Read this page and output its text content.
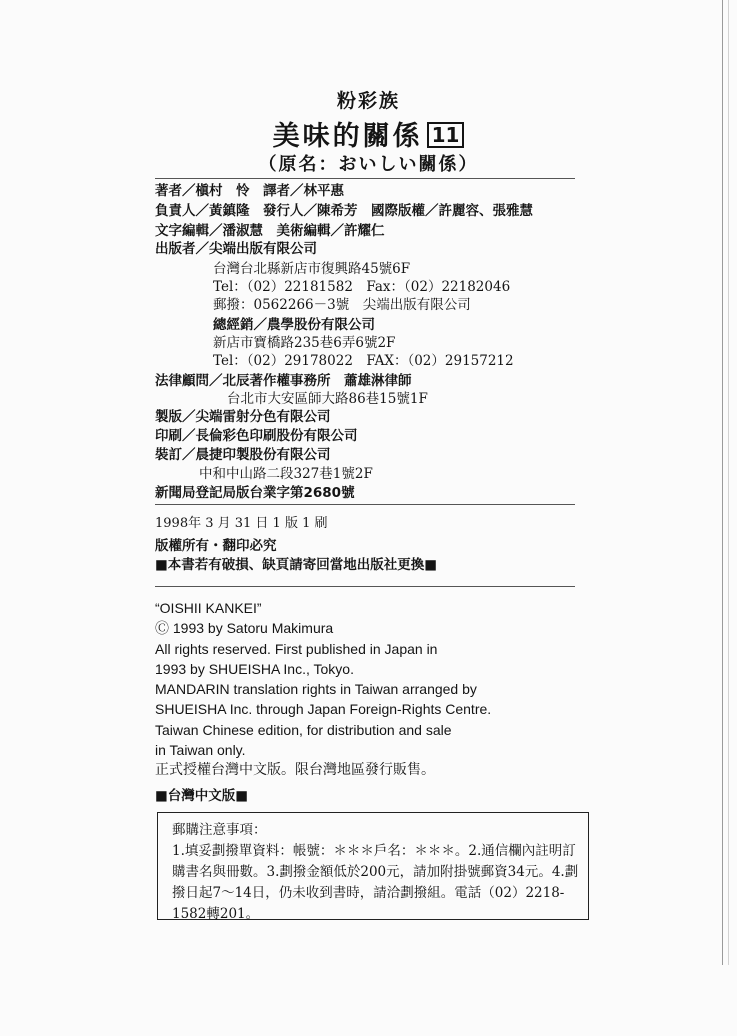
粉彩族
美味的關係 11
（原名：おいしい關係）
著者／槇村　怜　譯者／林平惠
負責人／黃鎮隆　發行人／陳希芳　國際版權／許麗容、張雅慧
文字編輯／潘淑慧　美術編輯／許耀仁
出版者／尖端出版有限公司
台灣台北縣新店市復興路45號6F
Tel：（02）22181582　Fax：（02）22182046
郵撥：0562266－3號　尖端出版有限公司
總經銷／農學股份有限公司
新店市寶橋路235巷6弄6號2F
Tel：（02）29178022　FAX：（02）29157212
法律顧問／北辰著作權事務所　蕭雄淋律師
台北市大安區師大路86巷15號1F
製版／尖端雷射分色有限公司
印刷／長倫彩色印刷股份有限公司
裝訂／晨捷印製股份有限公司
中和中山路二段327巷1號2F
新聞局登記局版台業字第2680號
1998年 3 月 31 日 1 版 1 刷
版權所有・翻印必究
■本書若有破損、缺頁請寄回當地出版社更換■
“OISHII KANKEI”
Ⓒ 1993 by Satoru Makimura
All rights reserved. First published in Japan in
1993 by SHUEISHA Inc., Tokyo.
MANDARIN translation rights in Taiwan arranged by
SHUEISHA Inc. through Japan Foreign-Rights Centre.
Taiwan Chinese edition, for distribution and sale
in Taiwan only.
正式授權台灣中文版。限台灣地區發行販售。
■台灣中文版■
郵購注意事項：
1.填妥劃撥單資料：帳號：＊＊＊戶名：＊＊＊。2.通信欄內註明訂購書名與冊數。3.劃撥金額低於200元，請加附掛號郵資34元。4.劃撥日起7～14日，仍未收到書時，請洽劃撥組。電話（02）2218-1582轉201。
